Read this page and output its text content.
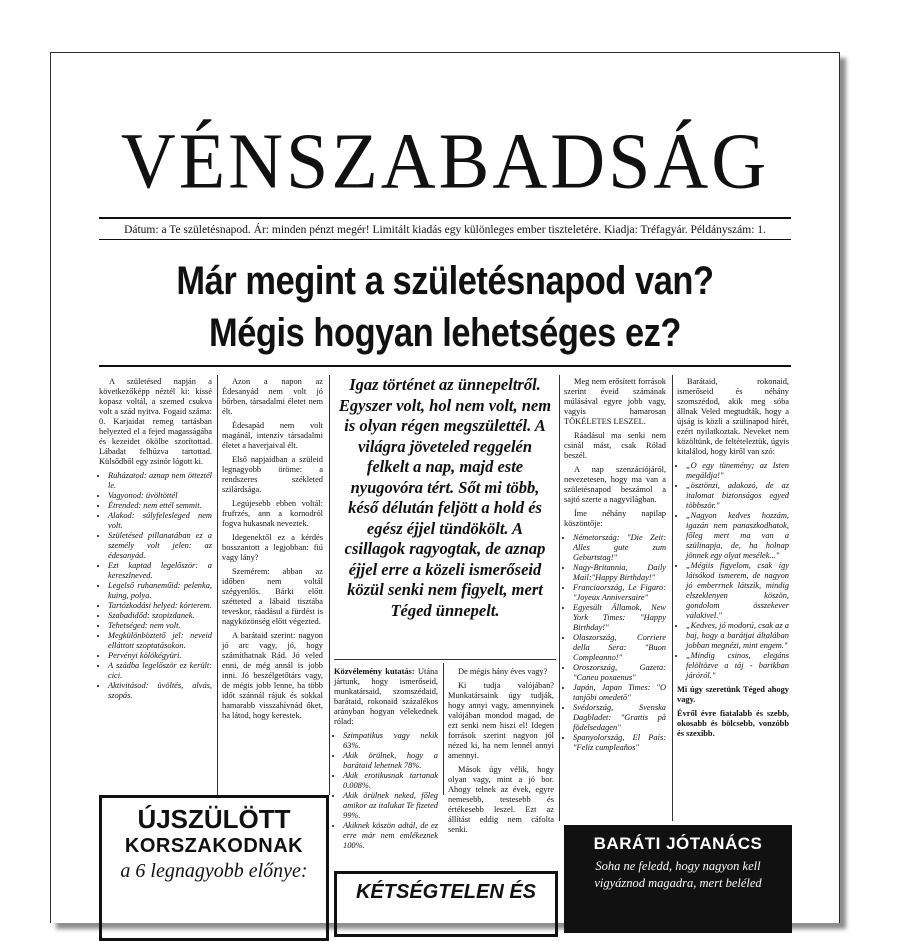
VÉNSZABADSÁG
Dátum: a Te születésnapod. Ár: minden pénzt megér! Limitált kiadás egy különleges ember tiszteletére. Kiadja: Tréfagyár. Példányszám: 1.
Már megint a születésnapod van?
Mégis hogyan lehetséges ez?

A születésed napján a következőképp néztél ki: kissé kopasz voltál, a szemed csukva volt a szád nyitva. Fogaid száma: 0. Karjaidat remeg tartásban helyezted el a fejed magasságába és kezeidet ökölbe szorítottad. Lábadat felhúzva tartottad. Külsődből egy zsinór lógott ki.

• Ruházatod: aznap nem ötteztél le.
• Vagyonod: üvöltöttél
• Étrended: nem ettél semmit.
• Alakod: súlyfelesleged nem volt.
• Születésed pillanatában ez a személy volt jelen: az édesanyád.
• Ezt kaptad legelőször: a kereszlneved.
• Legelső ruhaneműid: pelenka, kuing, polya.
• Tartózkodási helyed: kórterem.
• Szabadidőd: szopizdanek.
• Tehetséged: nem volt.
• Megkülönböztető jel: neveid elláttott szoptatásokon.
• Pervényi kölökégyüri.
• A szádba legelőször ez került: cici.
• Aktivitásod: üvöltés, alvás, szopás.

Azon a napon az Édesanyád nem volt jó bőrben, társadalmi életet nem élt.

Édesapád nem volt magánál, intenzív társadalmi életet a haverjaival élt.

Első napjaidban a szüleid legnagyobb öröme: a rendszeres székleted szilárdsága.

Legújesebb ebben voltál: frufrzés, ann a kornodról fogva hukasnak neveztek.

Idegenektől ez a kérdés bosszantott a legjobban: fiú vagy lány?

Szemérem: abban az időben nem voltál szégyenlős. Bárki előtt szétteted a lábaid tisztába teveskor, ráadásul a fürdést is nagyközönség előtt végezted.

A barátaid szerint: nagyon jó arc vagy, jó, hogy számíthatnak Rád. Jó veled enni, de még annál is jobb inni. Jó beszélgetőtárs vagy, de mégis jobb lenne, ha több időt szánnál rájuk és sokkal hamarabb visszahívnád őket, ha látod, hogy kerestek.

Igaz történet az ünnepeltről. Egyszer volt, hol nem volt, nem is olyan régen megszülettél. A világra jöveteled reggelén felkelt a nap, majd este nyugovóra tért. Sőt mi több, késő délután feljött a hold és egész éjjel tündökölt. A csillagok ragyogtak, de aznap éjjel erre a közeli ismerőseid közül senki nem figyelt, mert Téged ünnepelt.

Közvélemény kutatás: Utána jártunk, hogy ismerőseid, munkatársaid, szomszédaid, barátaid, rokonaid százalékos arányban hogyan vélekednek rólad:

• Szimpatikus vagy nekik 63%.
• Akik örülnek, hogy a barátaid lehetnek 78%.
• Akik erotikusnak tartanak 0.008%.
• Akik örülnek neked, főleg amikor az italukat Te fizeted 99%.
• Akiknek köszön adtál, de ez erre már nem emlékeznek 100%.

De mégis hány éves vagy?

Ki tudja valójában? Munkatársaink úgy tudják, hogy annyi vagy, amennyinek valójában mondod magad, de ezt senki nem hiszi el! Idegen források szerint nagyon jól nézed ki, ha nem lennél annyi amennyi.

Mások úgy vélik, hogy olyan vagy, mint a jó bor. Ahogy telnek az évek, egyre nemesebb, testesebb és értékesebb leszel. Ezt az állítást eddig nem cáfolta senki.

Meg nem erősített források szerint éveid számának múlásával egyre jobb vagy, vagyis hamarosan TÖKÉLETES LESZEL.

Ráadásul ma senki nem csinál mást, csak Rólad beszél.

A nap szenzációjáról, nevezetesen, hogy ma van a születésnapod beszámol a sajtó szerte a nagyvilágban.

Íme néhány napilap köszöntője:

• Németország: "Die Zeit: Alles gute zum Geburtstag!"
• Nagy-Britannia, Daily Mail:"Happy Birthday!"
• Franciaország, Le Figaro: "Joyeux Anniversaire"
• Egyesült Államok, New York Times: "Happy Birthday!"
• Olaszország, Corriere della Sera: "Buon Compleanno!"
• Oroszország, Gazeta: "Caneu poxaenus"
• Japán, Japan Times: "O tanjōbi omedetō"
• Svédország, Svenska Dagbladet: "Grattis på födelsedagen"
• Spanyolország, El País: "Feliz cumpleaños"

Barátaid, rokonaid, ismerőseid és néhány szomszédod, akik meg sóba állnak Veled megtudták, hogy a újság is közli a szülinapod hírét, ezért nyilatkoztak. Neveket nem közöltünk, de feltételeztük, úgyis kitalálod, hogy kiről van szó:

• „O egy tünemény; az Isten megáldja!"
• „ösztönzi, adakozó, de az italomat biztonságos egyed többször."
• „Nagyon kedves hozzám, igazán nem panaszkodhatok, főleg mert ma van a szülinapja, de, ha holnap jönnek egy olyat mesélek..."
• „Mégiis figyelom, csak így láisókod ismerem, de nagyon jó emberrnek látszik, mindig elszeklenyen köszön, gondolom összekever valakivel."
• „Kedves, jó modorú, csak az a baj, hogy a barátjai általában jobban megnézi, mint engem."
• „Mindig csinos, elegáns felöltözve a táj - barikban járóról."

Mi úgy szeretünk Téged ahogy vagy.

Évről évre fiatalabb és szebb, okosabb és bölcsebb, vonzóbb és szexibb.

ÚJSZÜLÖTT
KORSZAKODNAK
a 6 legnagyobb előnye:
KÉTSÉGTELEN ÉS
BARÁTI JÓTANÁCS
Soha ne feledd, hogy nagyon kell
vigyáznod magadra, mert beléled
